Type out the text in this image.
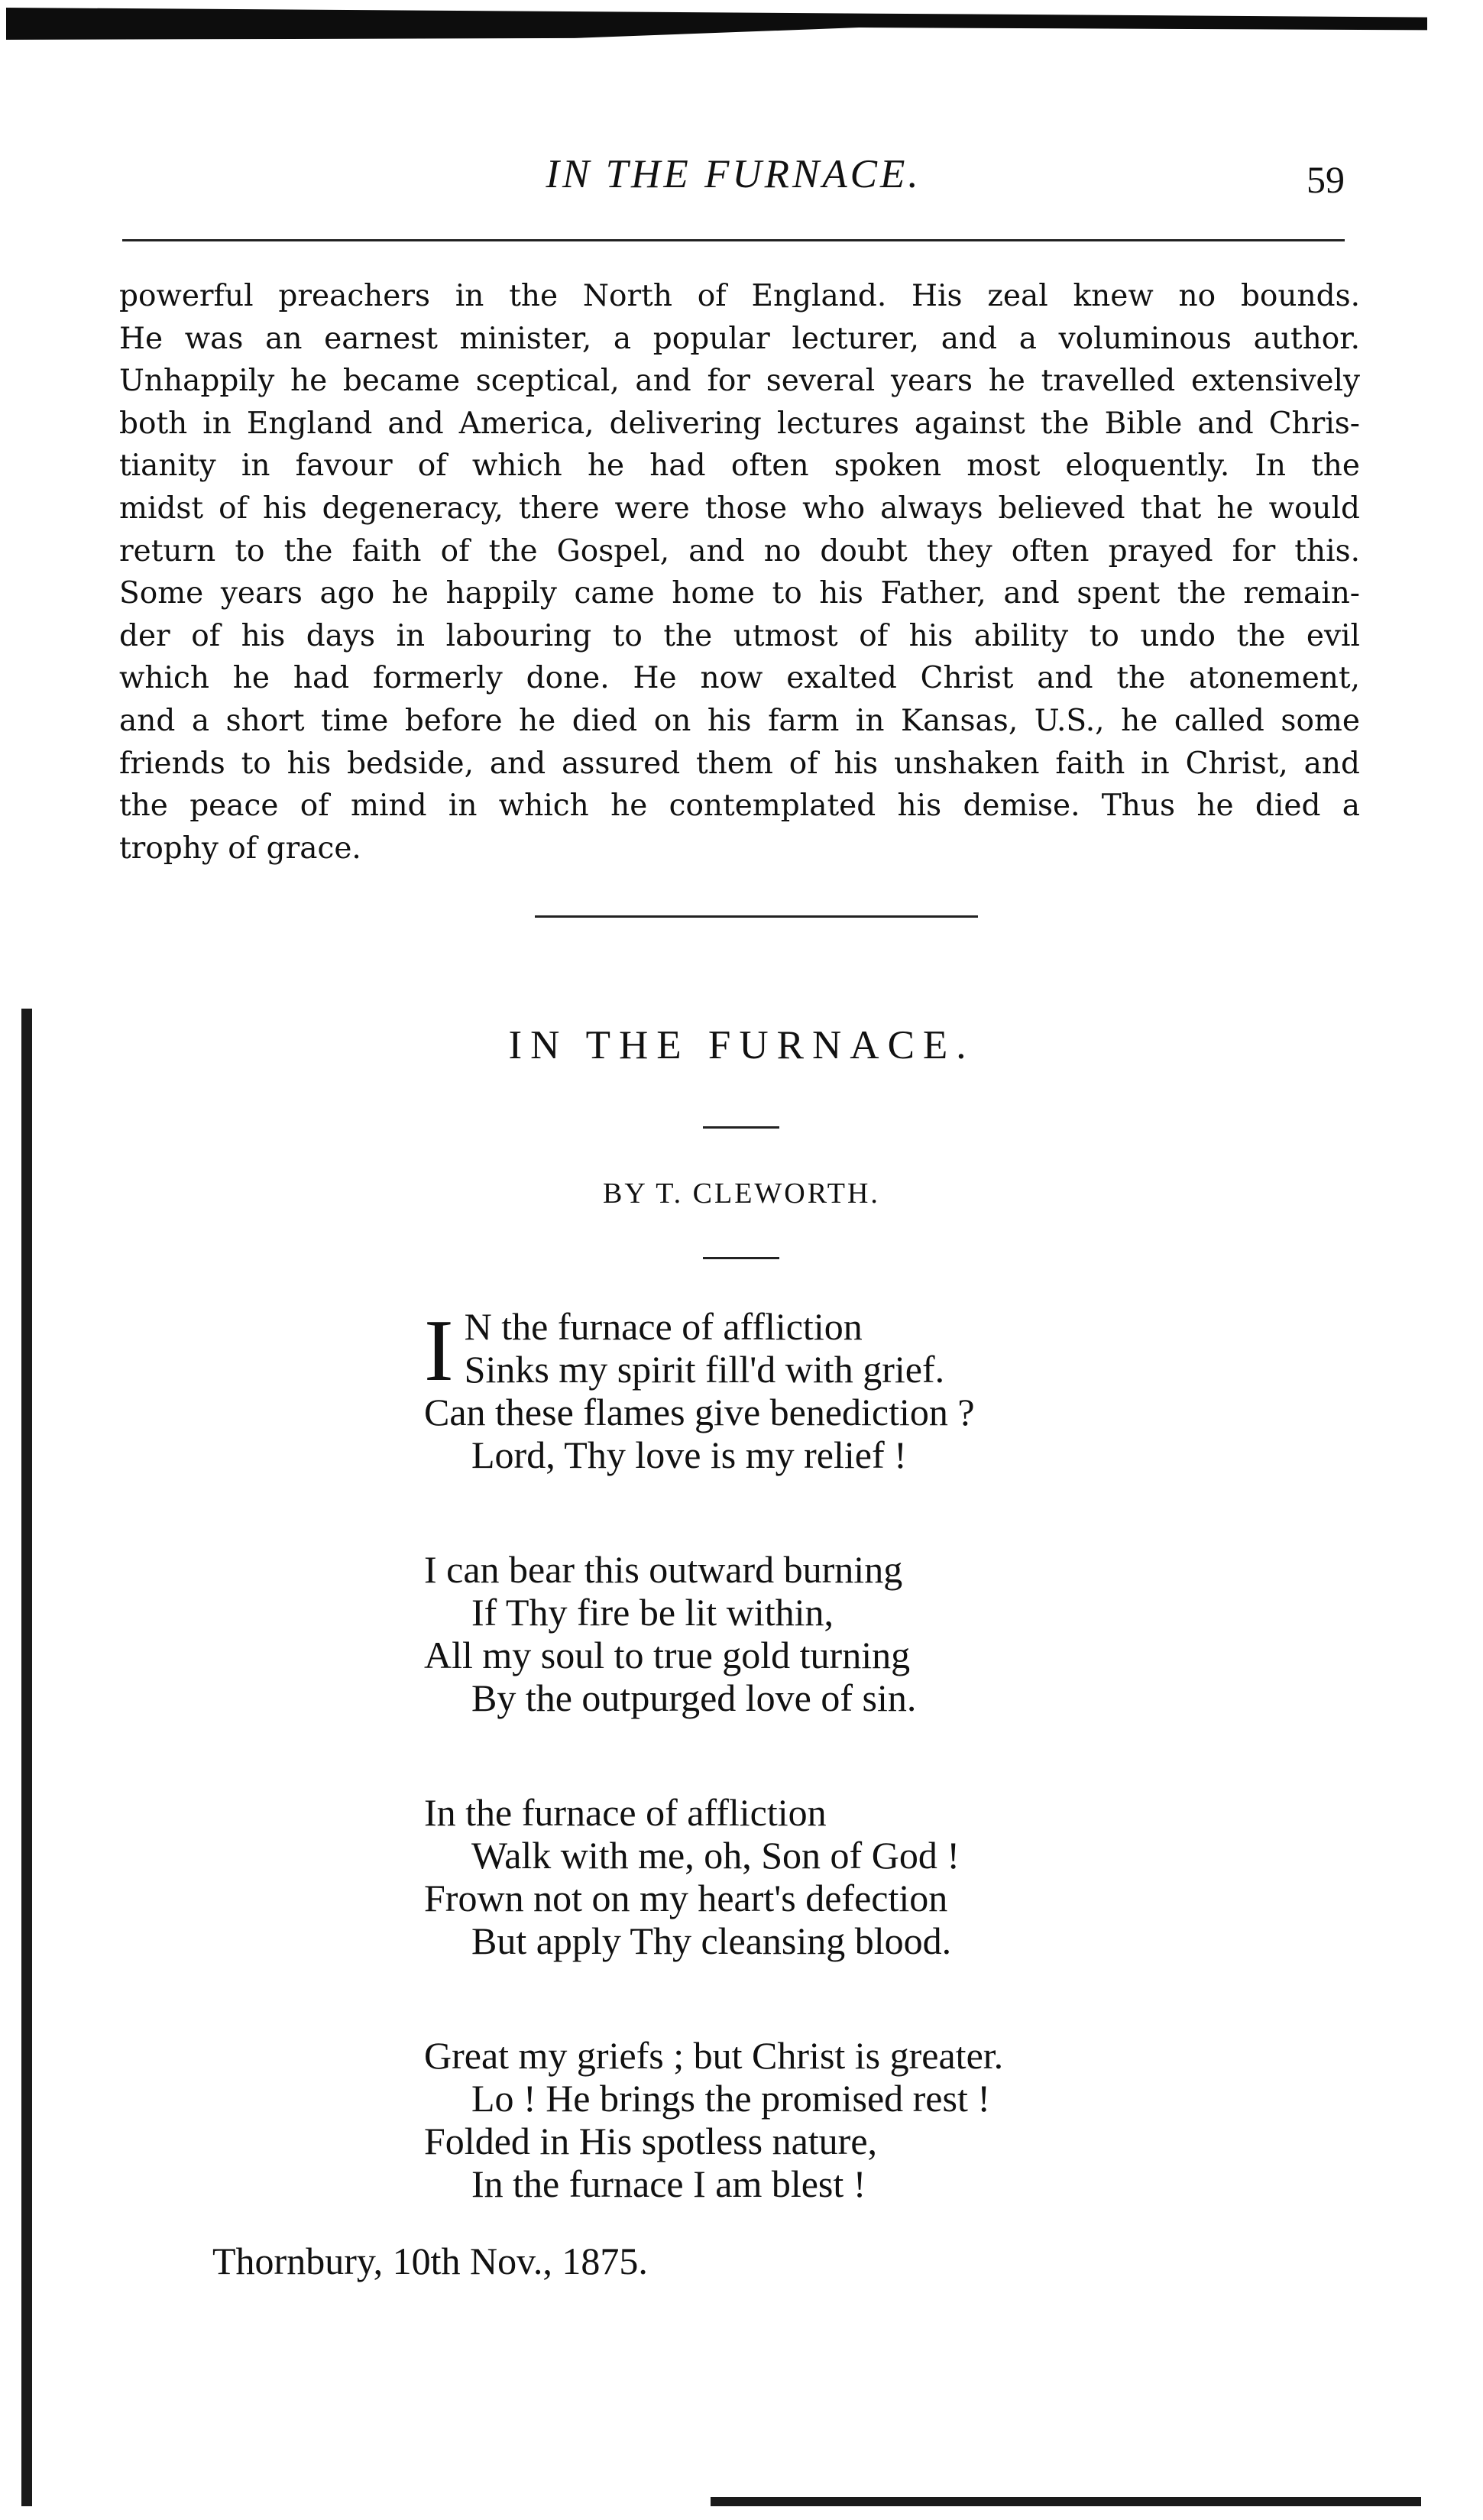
IN THE FURNACE.	59
powerful preachers in the North of England. His zeal knew no bounds.
He was an earnest minister, a popular lecturer, and a voluminous author.
Unhappily he became sceptical, and for several years he travelled extensively
both in England and America, delivering lectures against the Bible and Chris-
tianity in favour of which he had often spoken most eloquently. In the
midst of his degeneracy, there were those who always believed that he would
return to the faith of the Gospel, and no doubt they often prayed for this.
Some years ago he happily came home to his Father, and spent the remain-
der of his days in labouring to the utmost of his ability to undo the evil
which he had formerly done. He now exalted Christ and the atonement,
and a short time before he died on his farm in Kansas, U.S., he called some
friends to his bedside, and assured them of his unshaken faith in Christ, and
the peace of mind in which he contemplated his demise. Thus he died a
trophy of grace.
IN THE FURNACE.
BY T. CLEWORTH.
I N the furnace of affliction
Sinks my spirit fill'd with grief.
Can these flames give benediction ?
Lord, Thy love is my relief !
I can bear this outward burning
If Thy fire be lit within,
All my soul to true gold turning
By the outpurged love of sin.
In the furnace of affliction
Walk with me, oh, Son of God !
Frown not on my heart's defection
But apply Thy cleansing blood.
Great my griefs ; but Christ is greater.
Lo ! He brings the promised rest !
Folded in His spotless nature,
In the furnace I am blest !
Thornbury, 10th Nov., 1875.
